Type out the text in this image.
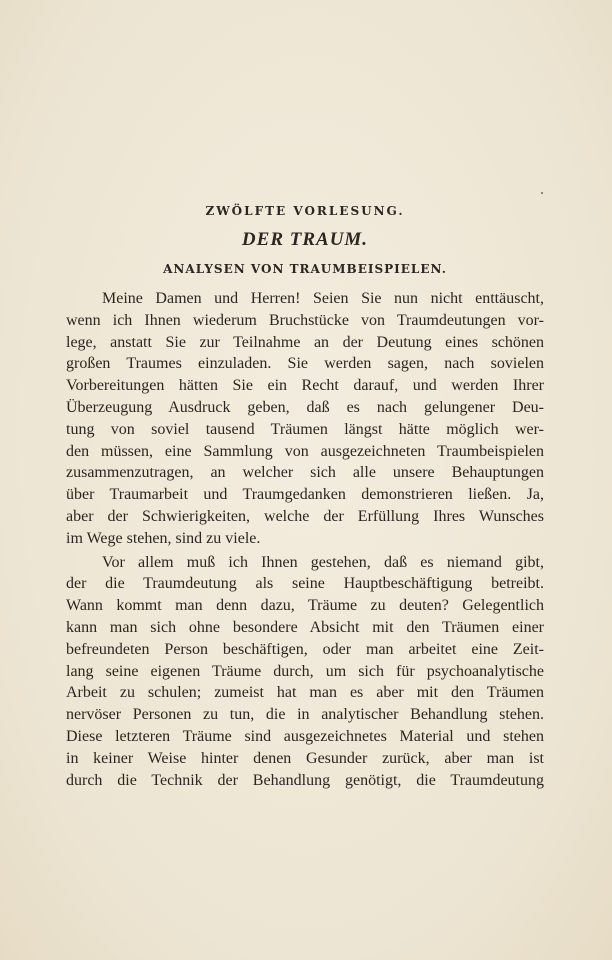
ZWÖLFTE VORLESUNG.
DER TRAUM.
ANALYSEN VON TRAUMBEISPIELEN.

Meine Damen und Herren! Seien Sie nun nicht enttäuscht,
wenn ich Ihnen wiederum Bruchstücke von Traumdeutungen vor-
lege, anstatt Sie zur Teilnahme an der Deutung eines schönen
großen Traumes einzuladen. Sie werden sagen, nach sovielen
Vorbereitungen hätten Sie ein Recht darauf, und werden Ihrer
Überzeugung Ausdruck geben, daß es nach gelungener Deu-
tung von soviel tausend Träumen längst hätte möglich wer-
den müssen, eine Sammlung von ausgezeichneten Traumbeispielen
zusammenzutragen, an welcher sich alle unsere Behauptungen
über Traumarbeit und Traumgedanken demonstrieren ließen. Ja,
aber der Schwierigkeiten, welche der Erfüllung Ihres Wunsches
im Wege stehen, sind zu viele.

Vor allem muß ich Ihnen gestehen, daß es niemand gibt,
der die Traumdeutung als seine Hauptbeschäftigung betreibt.
Wann kommt man denn dazu, Träume zu deuten? Gelegentlich
kann man sich ohne besondere Absicht mit den Träumen einer
befreundeten Person beschäftigen, oder man arbeitet eine Zeit-
lang seine eigenen Träume durch, um sich für psychoanalytische
Arbeit zu schulen; zumeist hat man es aber mit den Träumen
nervöser Personen zu tun, die in analytischer Behandlung stehen.
Diese letzteren Träume sind ausgezeichnetes Material und stehen
in keiner Weise hinter denen Gesunder zurück, aber man ist
durch die Technik der Behandlung genötigt, die Traumdeutung
